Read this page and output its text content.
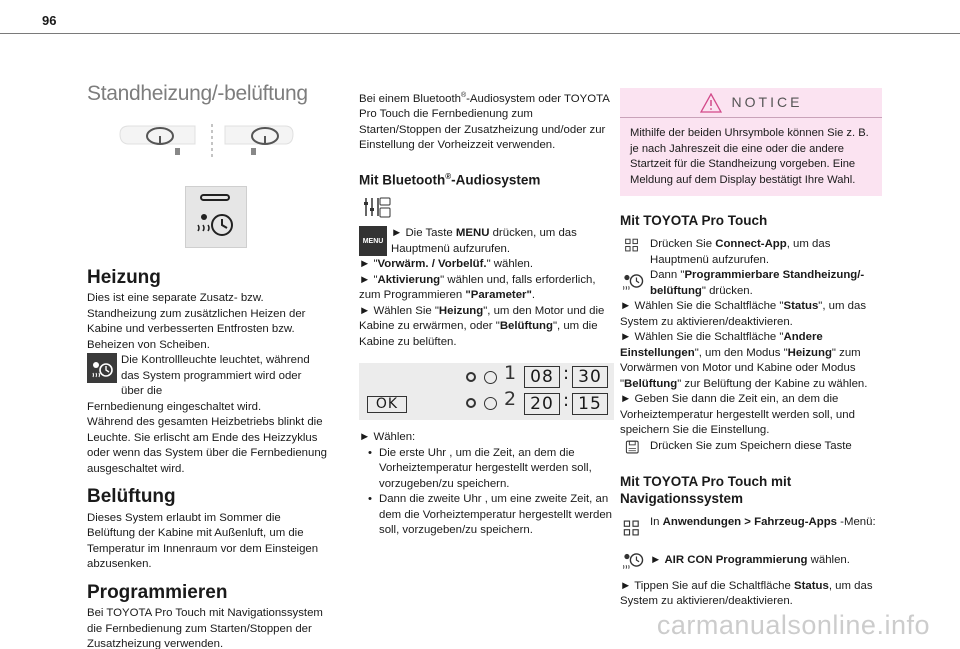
96
Standheizung/-belüftung
Heizung

Dies ist eine separate Zusatz- bzw. Standheizung zum zusätzlichen Heizen der Kabine und verbesserten Entfrosten bzw. Beheizen von Scheiben.

Die Kontrollleuchte leuchtet, während das System programmiert wird oder über die

Fernbedienung eingeschaltet wird.

Während des gesamten Heizbetriebs blinkt die Leuchte. Sie erlischt am Ende des Heizzyklus oder wenn das System über die Fernbedienung ausgeschaltet wird.

Belüftung

Dieses System erlaubt im Sommer die Belüftung der Kabine mit Außenluft, um die Temperatur im Innenraum vor dem Einsteigen abzusenken.

Programmieren

Bei TOYOTA Pro Touch mit Navigationssystem die Fernbedienung zum Starten/Stoppen der Zusatzheizung verwenden.

Bei einem Bluetooth®-Audiosystem oder TOYOTA Pro Touch die Fernbedienung zum Starten/Stoppen der Zusatzheizung und/oder zur Einstellung der Vorheizzeit verwenden.

Mit Bluetooth®-Audiosystem
MENU

► Die Taste MENU drücken, um das Hauptmenü aufzurufen.

► "Vorwärm. / Vorbelüf." wählen.

► "Aktivierung" wählen und, falls erforderlich, zum Programmieren "Parameter".

► Wählen Sie "Heizung", um den Motor und die Kabine zu erwärmen, oder "Belüftung", um die Kabine zu belüften.

1 08 : 30
OK	2 20 : 15

► Wählen:

• Die erste Uhr , um die Zeit, an dem die Vorheiztemperatur hergestellt werden soll, vorzugeben/zu speichern.

• Dann die zweite Uhr , um eine zweite Zeit, an dem die Vorheiztemperatur hergestellt werden soll, vorzugeben/zu speichern.

NOTICE

Mithilfe der beiden Uhrsymbole können Sie z. B. je nach Jahreszeit die eine oder die andere Startzeit für die Standheizung vorgeben. Eine Meldung auf dem Display bestätigt Ihre Wahl.

Mit TOYOTA Pro Touch

Drücken Sie Connect-App, um das Hauptmenü aufzurufen.

Dann "Programmierbare Standheizung/-belüftung" drücken.

► Wählen Sie die Schaltfläche "Status", um das System zu aktivieren/deaktivieren.

► Wählen Sie die Schaltfläche "Andere Einstellungen", um den Modus "Heizung" zum Vorwärmen von Motor und Kabine oder Modus "Belüftung" zur Belüftung der Kabine zu wählen.

► Geben Sie dann die Zeit ein, an dem die Vorheiztemperatur hergestellt werden soll, und speichern Sie die Einstellung.

Drücken Sie zum Speichern diese Taste

Mit TOYOTA Pro Touch mit Navigationssystem

In Anwendungen > Fahrzeug-Apps -Menü:

► AIR CON Programmierung wählen.

► Tippen Sie auf die Schaltfläche Status, um das System zu aktivieren/deaktivieren.

carmanualsonline.info
